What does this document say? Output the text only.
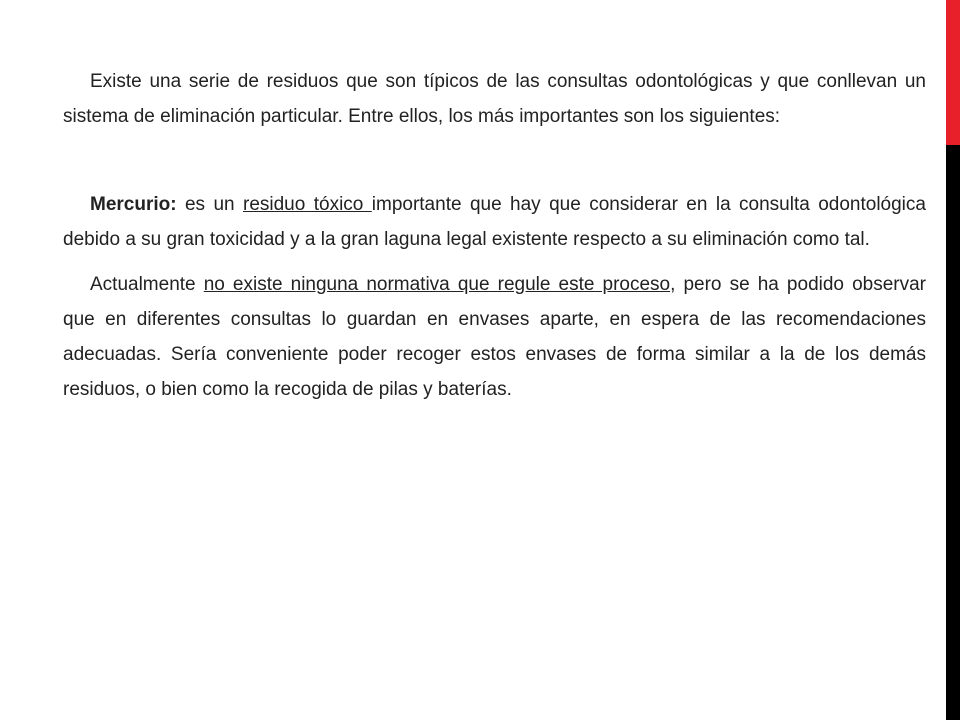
Existe una serie de residuos que son típicos de las consultas odontológicas y que conllevan un sistema de eliminación particular. Entre ellos, los más importantes son los siguientes:

Mercurio: es un residuo tóxico importante que hay que considerar en la consulta odontológica debido a su gran toxicidad y a la gran laguna legal existente respecto a su eliminación como tal.

Actualmente no existe ninguna normativa que regule este proceso, pero se ha podido observar que en diferentes consultas lo guardan en envases aparte, en espera de las recomendaciones adecuadas. Sería conveniente poder recoger estos envases de forma similar a la de los demás residuos, o bien como la recogida de pilas y baterías.
